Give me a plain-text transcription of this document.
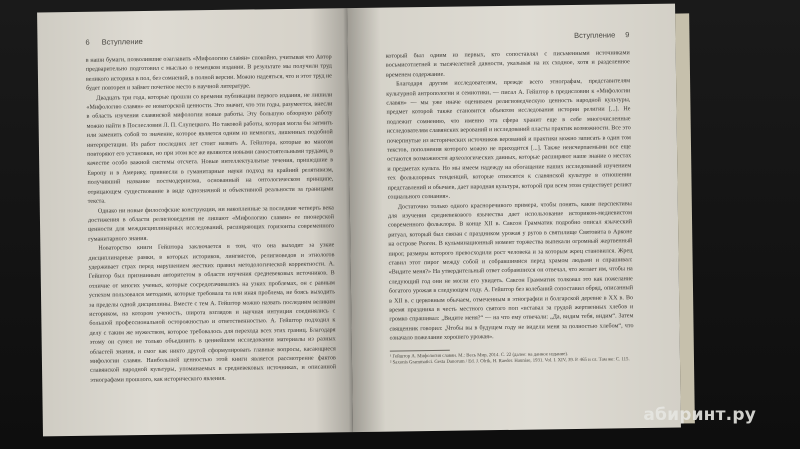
6 Вступление

в наши бумаги, позволившие озаглавить «Мифологию славян» спокойно, учитывая что Автор предварительно подготовил с мыслью о немецком издании. В результате мы получили труд великого историка в пол, без сомнений, в полной версии. Можно надеяться, что и этот труд не будет повторен и займет почетное место в научной литературе.

Двадцать три года, которые прошли со времени публикации первого издания, не лишили «Мифологию славян» ее новаторской ценности. Это значит, что эти годы, разумеется, внесли в область изучения славянской мифологии новые работы. Эту большую обзорную работу можно найти в Послесловии Л. П. Слупецкого. Но таковой работы, которая могла бы затмить или заменить собой то значение, которое является одним из немногих, лишенных подобной интерпретации. Из работ последних лет стоит назвать А. Гейштора, которые во многом повторяют его установки, но при этом все же являются новыми самостоятельными трудами, в качестве особо важной системы отсчета. Новые интеллектуальные течения, пришедшие в Европу и в Америку, привнесли в гуманитарные науки подход на крайний релятивизм, получивший название постмодернизма, основанный на онтологическом принципе, отрицающем существование в виде однозначной и объективной реальности за границами текста.

Однако ни новые философские конструкции, ни накопленные за последние четверть века достижения в области религиоведения не лишают «Мифологию славян» ее пионерской ценности для междисциплинарных исследований, расширяющих горизонты современного гуманитарного знания.

Новаторство книги Гейштора заключается в том, что она выходит за узкие дисциплинарные рамки, в которых историков, лингвистов, религиоведов и этнологов удерживает страх перед нарушением жестких правил методологической корректности. А. Гейштор был признанным авторитетом в области изучения средневековых источников. В отличие от многих ученых, которые сосредотачивались на узких проблемах, он с равным успехом пользовался методами, которые требовала та или иная проблема, не боясь выходить за пределы одной дисциплины. Вместе с тем А. Гейштор можно назвать последним великим историком, на котором ученость, широта взглядов и научная интуиция соединялись с большой профессиональной осторожностью и ответственностью. А. Гейштор подходил к делу с таким же мужеством, которое требовалось для перехода всех этих границ. Благодаря этому он сумел не только объединить в ценнейшем исследовании материалы из разных областей знания, и смог как никто другой сформулировать главные вопросы, касающиеся мифологии славян. Наибольшей ценностью этой книги является рассмотрение фактов славянской народной культуры, упоминаемых в средневековых источниках, и описанной этнографами прошлого, как исторического явления.

Вступление 9

который был одним из первых, кто сопоставлял с письменными источниками восьмисотлетней и тысячелетней давности, указывая на их сходное, хотя и разделенное временем содержание.

Благодаря другим исследователям, прежде всего этнографам, представителям культурной антропологии и семиотики, — писал А. Гейштор в предисловии к «Мифологии славян» — мы уже иначе оцениваем религиоведческую ценность народной культуры, предмет которой также становится объектом исследования истории религии [...]. Не подлежит сомнению, что именно эта сфера хранит еще в себе многочисленные исследователям славянских верований и исследований пласты практик возможности. Все это почерпнутые из исторических источников верований и практики можно записать в один том текстов, пополнения которого можно не приходится [...]. Также неисчерпаемыми все еще остаются возможности археологических данных, которые расширяют наше знание о местах и предметах культа. Но мы имеем надежду на обогащение наших исследований изучением тех фольклорных тенденций, которые относятся к славянской культуре в отношении представлений и обычаев, дает народная культура, которой при всем этом существует реликт социального сознания».

Достаточно только одного красноречивого примера, чтобы понять, какие перспективы для изучения средневекового язычества дает использование историком-медиевистом современного фольклора. В конце XII в. Саксон Грамматик подробно описал языческий ритуал, который был связан с праздником урожая у ругов в святилище Святовита в Арконе на острове Рюген. В кульминационный момент торжества выпекали огромный жертвенный пирог, размеры которого превосходили рост человека и за которым жрец становился. Жрец ставил этот пирог между собой и собравшимися перед храмом людьми и спрашивал: «Видите меня?» На утвердительный ответ собравшихся он отвечал, что желает им, чтобы на следующий год они не могли его увидеть. Саксон Грамматик толковал это как пожелание богатого урожая в следующем году. А. Гейштор без колебаний сопоставил обряд, описанный в XII в. с церковным обычаем, отмеченным в этнографии и болгарской деревне в ХХ в. Во время праздника в честь местного святого поп «вставал за грудой жертвенных хлебов и громко спрашивал: „Видите меня?“ — на что ему отвечали: „Да, видим тебя, видим“. Затем священник говорил: „Чтобы вы в будущем году не видели меня за полностью хлебом“, что означало пожелание хорошего урожая».

¹ Гейштор А. Мифология славян. М.: Весь Мир, 2014. С. 22 (далее: на данное издание).

² Saxonis Grammatici. Gesta Danorum / Ed. J. Olrik, H. Raeder. Hauniae, 1931. Vol. I. XIV, 39. P. 465 и сл. Там же: С. 115.

абиринт.ру
